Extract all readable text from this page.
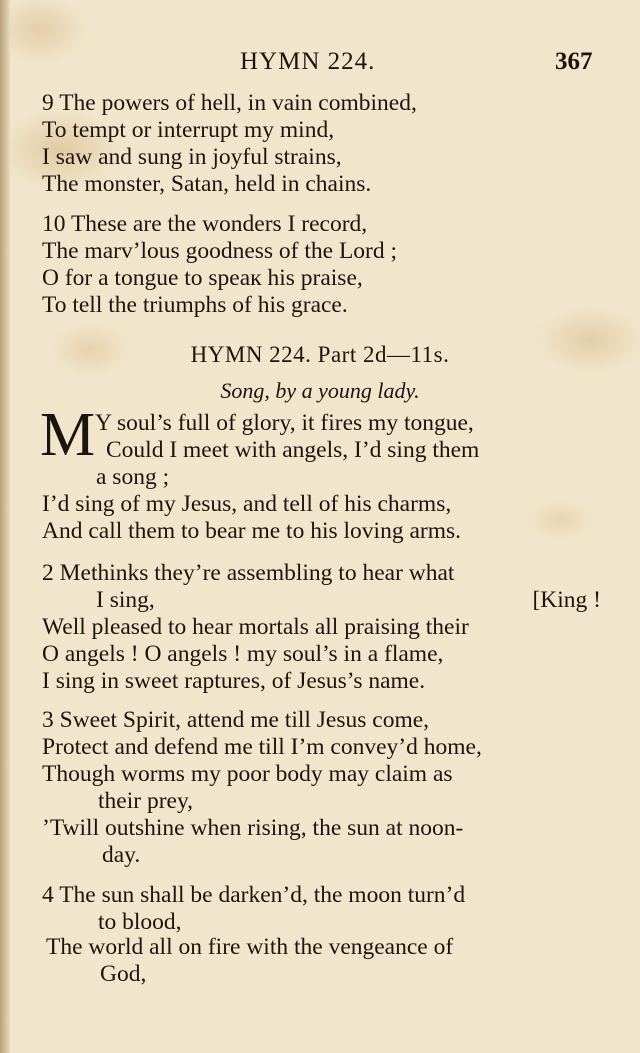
HYMN 224.	367
9 The powers of hell, in vain combined,
To tempt or interrupt my mind,
I saw and sung in joyful strains,
The monster, Satan, held in chains.
10 These are the wonders I record,
The marv’lous goodness of the Lord ;
O for a tongue to speaк his praise,
To tell the triumphs of his grace.
HYMN 224. Part 2d—11s.
Song, by a young lady.
M Y soul’s full of glory, it fires my tongue,
Could I meet with angels, I’d sing them
a song ;
I’d sing of my Jesus, and tell of his charms,
And call them to bear me to his loving arms.
2 Methinks they’re assembling to hear what
I sing,	[King !
Well pleased to hear mortals all praising their
O angels ! O angels ! my soul’s in a flame,
I sing in sweet raptures, of Jesus’s name.
3 Sweet Spirit, attend me till Jesus come,
Protect and defend me till I’m convey’d home,
Though worms my poor body may claim as
their prey,
’Twill outshine when rising, the sun at noon-
day.
4 The sun shall be darken’d, the moon turn’d
to blood,
The world all on fire with the vengeance of
God,
